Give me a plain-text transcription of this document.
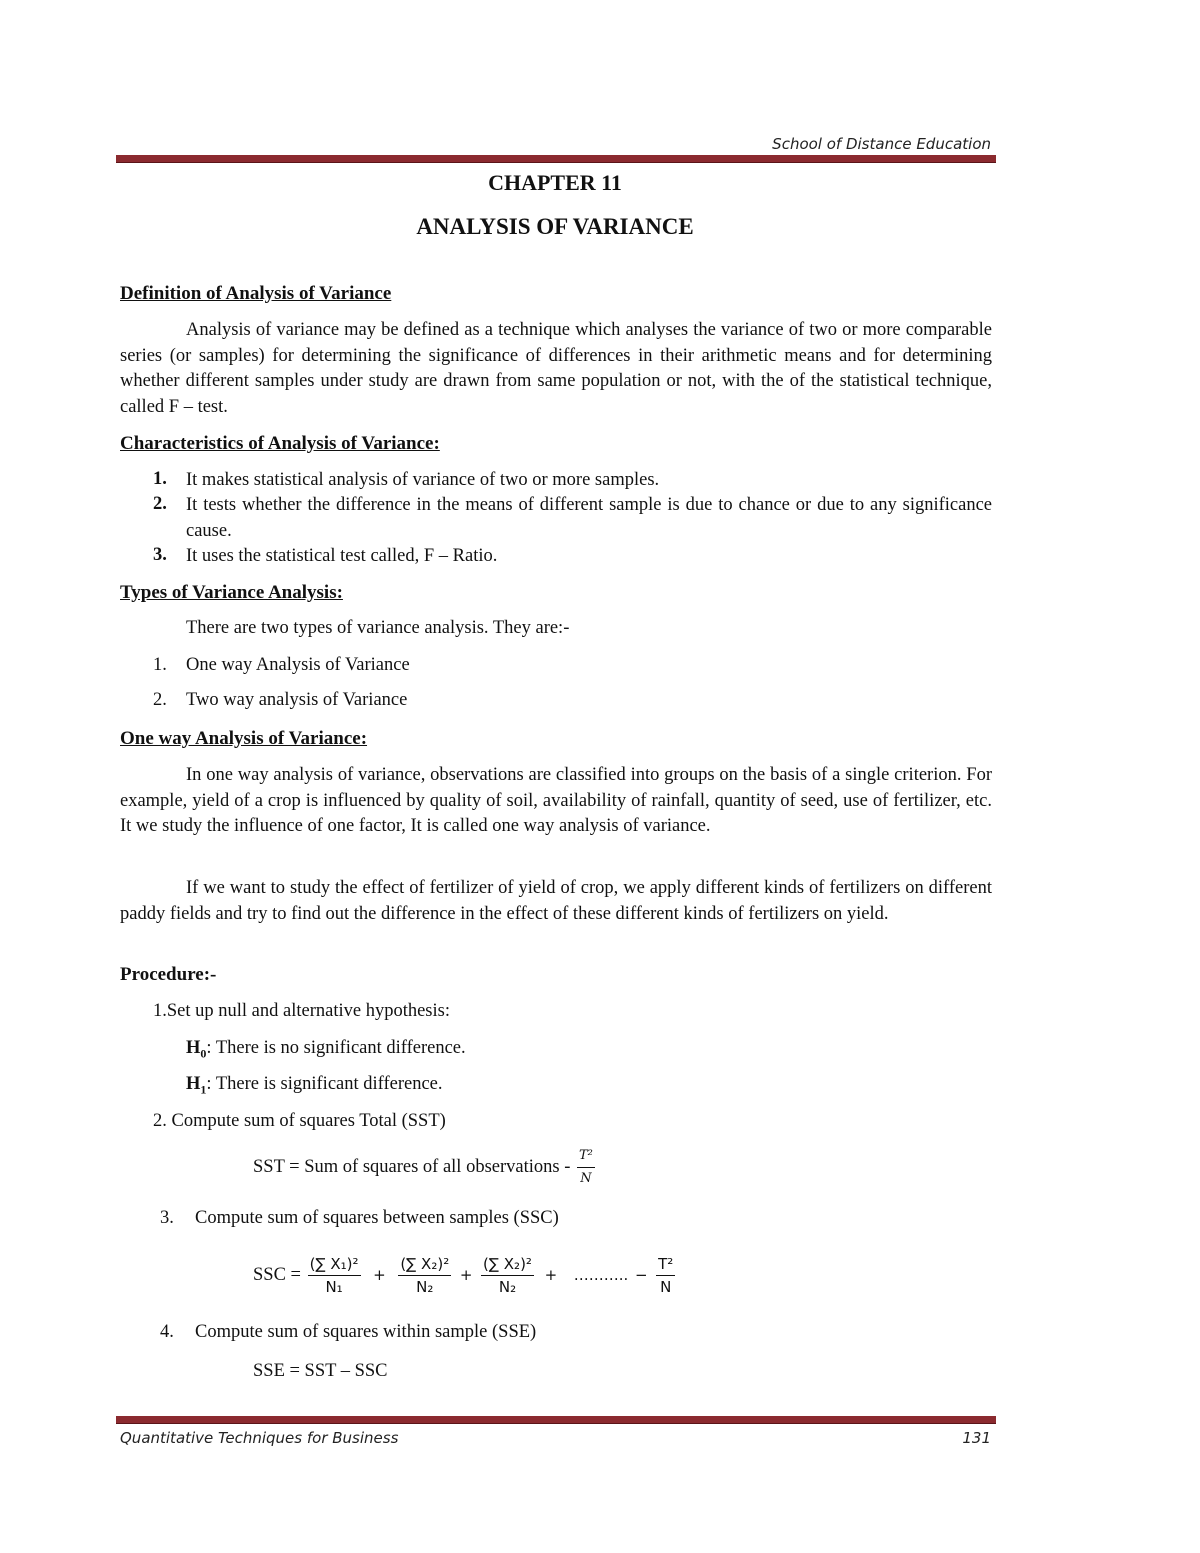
School of Distance Education
CHAPTER 11
ANALYSIS OF VARIANCE
Definition of Analysis of Variance
Analysis of variance may be defined as a technique which analyses the variance of two or more comparable series (or samples) for determining the significance of differences in their arithmetic means and for determining whether different samples under study are drawn from same population or not, with the of the statistical technique, called F – test.
Characteristics of Analysis of Variance:
1. It makes statistical analysis of variance of two or more samples.
2. It tests whether the difference in the means of different sample is due to chance or due to any significance cause.
3. It uses the statistical test called, F – Ratio.
Types of Variance Analysis:
There are two types of variance analysis. They are:-
1. One way Analysis of Variance
2. Two way analysis of Variance
One way Analysis of Variance:
In one way analysis of variance, observations are classified into groups on the basis of a single criterion. For example, yield of a crop is influenced by quality of soil, availability of rainfall, quantity of seed, use of fertilizer, etc. It we study the influence of one factor, It is called one way analysis of variance.
If we want to study the effect of fertilizer of yield of crop, we apply different kinds of fertilizers on different paddy fields and try to find out the difference in the effect of these different kinds of fertilizers on yield.
Procedure:-
1.Set up null and alternative hypothesis:
$H_0$: There is no significant difference.
$H_1$: There is significant difference.
2. Compute sum of squares Total (SST)
SST = Sum of squares of all observations - $\frac{\text{T²}}{N}$
3. Compute sum of squares between samples (SSC)
SSC = $\frac{\text{(∑ X₁)²}}{\text{N₁}} + \frac{\text{(∑ X₂)²}}{\text{N₂}} + \frac{\text{(∑ X₂)²}}{\text{N₂}}$ + ……….. − $\frac{\text{T²}}{N}$
4. Compute sum of squares within sample (SSE)
SSE = SST – SSC
Quantitative Techniques for Business	131
